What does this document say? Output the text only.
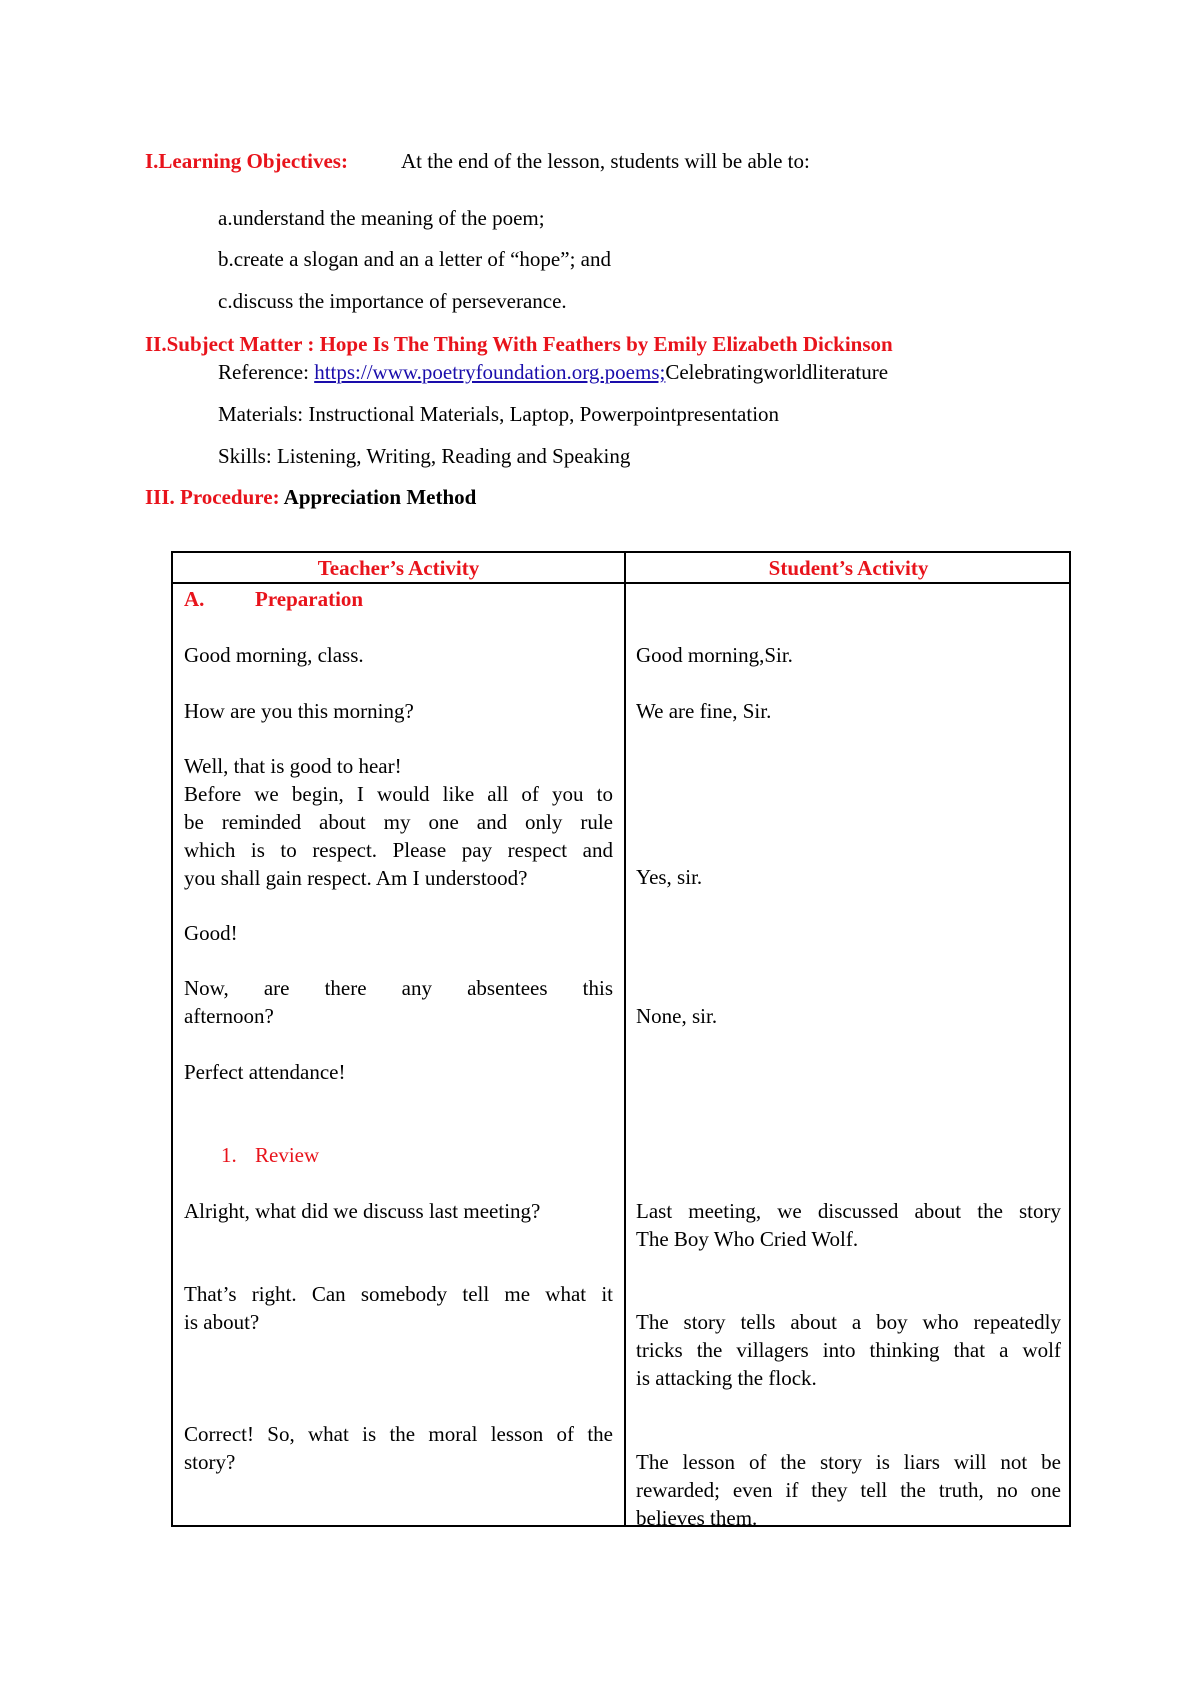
I.Learning Objectives:	At the end of the lesson, students will be able to:
a.understand the meaning of the poem;
b.create a slogan and an a letter of “hope”; and
c.discuss the importance of perseverance.
II.Subject Matter : Hope Is The Thing With Feathers by Emily Elizabeth Dickinson
Reference: https://www.poetryfoundation.org.poems;Celebratingworldliterature
Materials: Instructional Materials, Laptop, Powerpointpresentation
Skills: Listening, Writing, Reading and Speaking
III. Procedure: Appreciation Method
Teacher’s Activity	Student’s Activity
A. Preparation
Good morning, class.
How are you this morning?
Well, that is good to hear!
Before we begin, I would like all of you to
be reminded about my one and only rule
which is to respect. Please pay respect and
you shall gain respect. Am I understood?
Good!
Now, are there any absentees this
afternoon?
Perfect attendance!
1. Review
Alright, what did we discuss last meeting?
That’s right. Can somebody tell me what it
is about?
Correct! So, what is the moral lesson of the
story?
Good morning,Sir.
We are fine, Sir.
Yes, sir.
None, sir.
Last meeting, we discussed about the story
The Boy Who Cried Wolf.
The story tells about a boy who repeatedly
tricks the villagers into thinking that a wolf
is attacking the flock.
The lesson of the story is liars will not be
rewarded; even if they tell the truth, no one
believes them.
